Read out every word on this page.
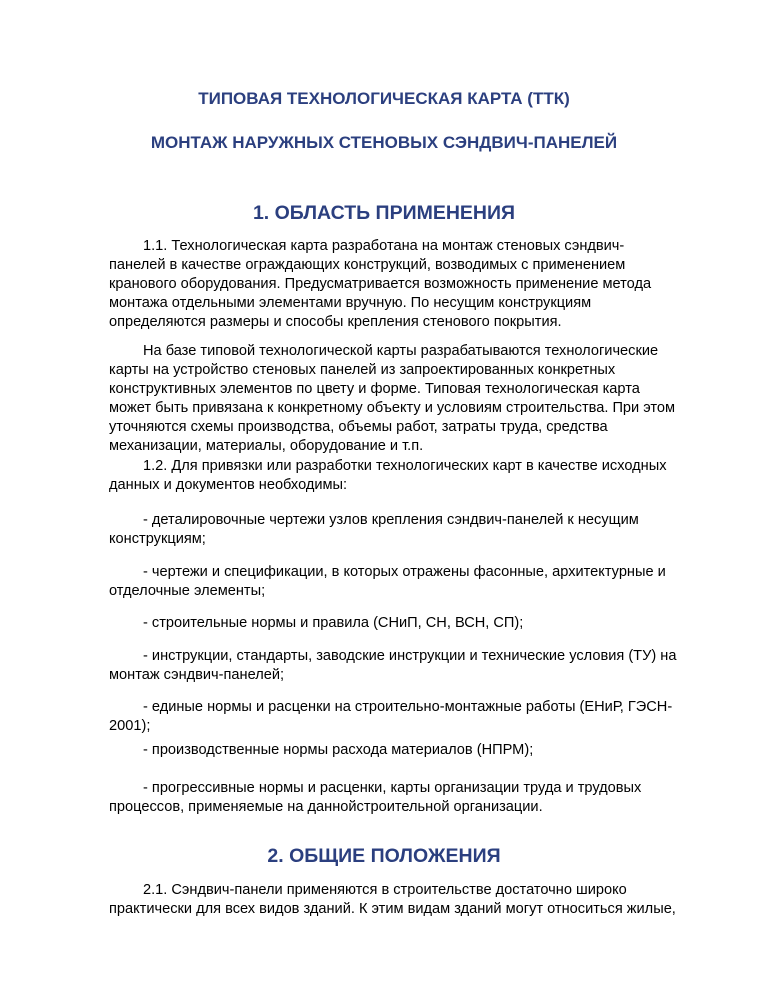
ТИПОВАЯ ТЕХНОЛОГИЧЕСКАЯ КАРТА (ТТК)
МОНТАЖ НАРУЖНЫХ СТЕНОВЫХ СЭНДВИЧ-ПАНЕЛЕЙ
1. ОБЛАСТЬ ПРИМЕНЕНИЯ

1.1. Технологическая карта разработана на монтаж стеновых сэндвич-
панелей в качестве ограждающих конструкций, возводимых с применением
кранового оборудования. Предусматривается возможность применение метода
монтажа отдельными элементами вручную. По несущим конструкциям
определяются размеры и способы крепления стенового покрытия.

На базе типовой технологической карты разрабатываются технологические
карты на устройство стеновых панелей из запроектированных конкретных
конструктивных элементов по цвету и форме. Типовая технологическая карта
может быть привязана к конкретному объекту и условиям строительства. При этом
уточняются схемы производства, объемы работ, затраты труда, средства
механизации, материалы, оборудование и т.п.

1.2. Для привязки или разработки технологических карт в качестве исходных
данных и документов необходимы:

- деталировочные чертежи узлов крепления сэндвич-панелей к несущим
конструкциям;

- чертежи и спецификации, в которых отражены фасонные, архитектурные и
отделочные элементы;

- строительные нормы и правила (СНиП, СН, ВСН, СП);

- инструкции, стандарты, заводские инструкции и технические условия (ТУ) на
монтаж сэндвич-панелей;

- единые нормы и расценки на строительно-монтажные работы (ЕНиР, ГЭСН-
2001);

- производственные нормы расхода материалов (НПРМ);

- прогрессивные нормы и расценки, карты организации труда и трудовых
процессов, применяемые на даннойстроительной организации.

2. ОБЩИЕ ПОЛОЖЕНИЯ

2.1. Сэндвич-панели применяются в строительстве достаточно широко
практически для всех видов зданий. К этим видам зданий могут относиться жилые,
